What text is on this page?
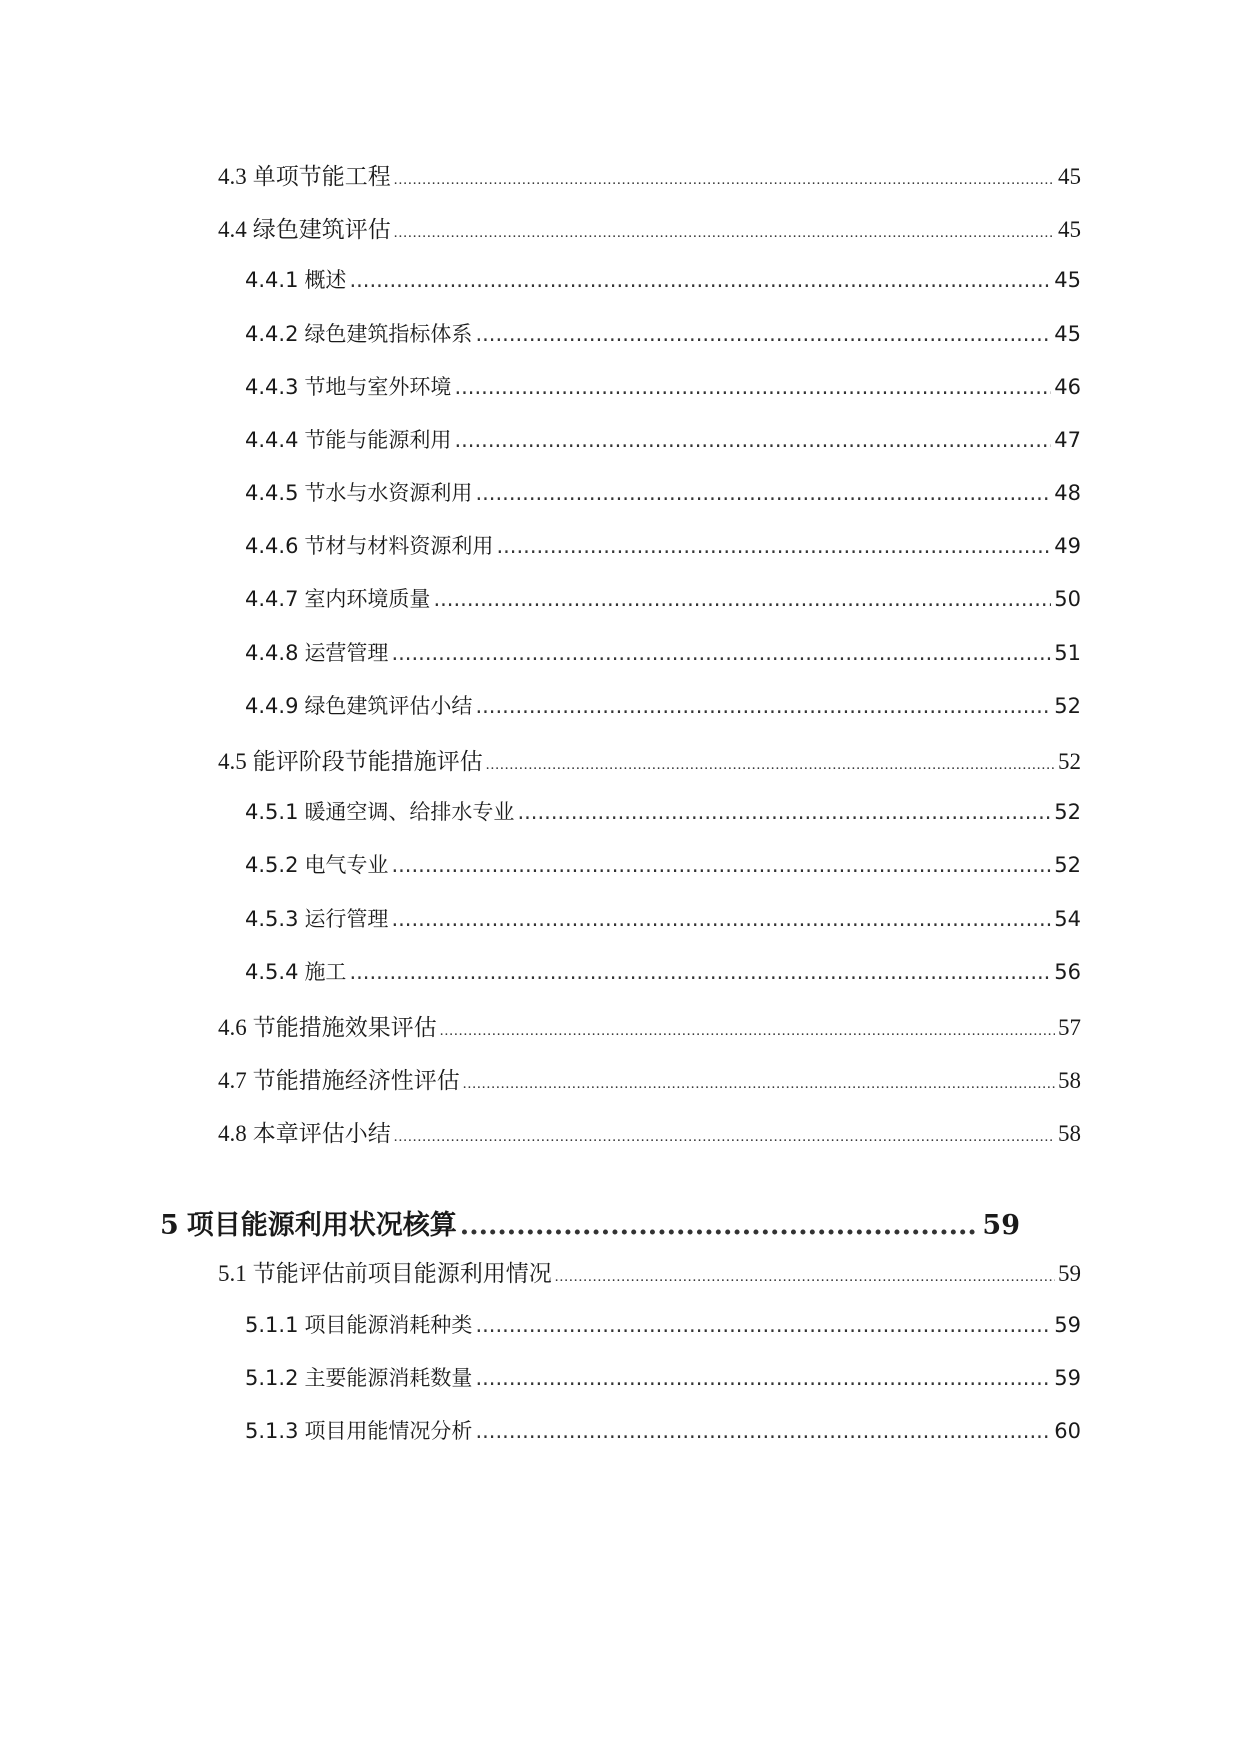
4.3 单项节能工程 .....	45
4.4 绿色建筑评估 .....	45
4.4.1 概述 .....	45
4.4.2 绿色建筑指标体系 .....	45
4.4.3 节地与室外环境 .....	46
4.4.4 节能与能源利用 .....	47
4.4.5 节水与水资源利用 .....	48
4.4.6 节材与材料资源利用 .....	49
4.4.7 室内环境质量 .....	50
4.4.8 运营管理 .....	51
4.4.9 绿色建筑评估小结 .....	52
4.5 能评阶段节能措施评估 .....	52
4.5.1 暖通空调、给排水专业 .....	52
4.5.2 电气专业 .....	52
4.5.3 运行管理 .....	54
4.5.4 施工 .....	56
4.6 节能措施效果评估 .....	57
4.7 节能措施经济性评估 .....	58
4.8 本章评估小结 .....	58
5 项目能源利用状况核算 .....	59
5.1 节能评估前项目能源利用情况 .....	59
5.1.1 项目能源消耗种类 .....	59
5.1.2 主要能源消耗数量 .....	59
5.1.3 项目用能情况分析 .....	60
